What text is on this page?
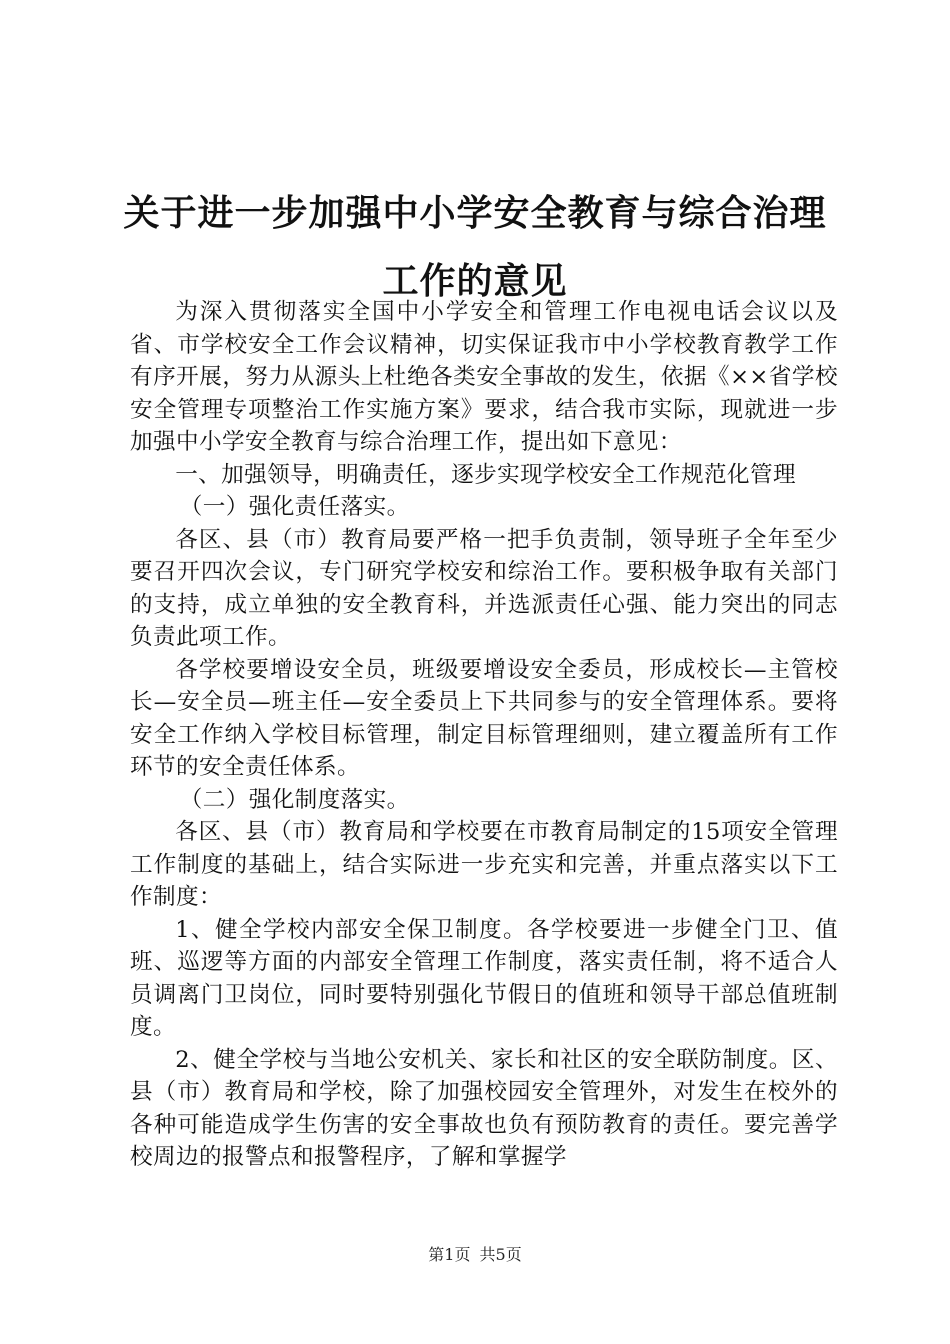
关于进一步加强中小学安全教育与综合治理工作的意见

为深入贯彻落实全国中小学安全和管理工作电视电话会议以及省、市学校安全工作会议精神，切实保证我市中小学校教育教学工作有序开展，努力从源头上杜绝各类安全事故的发生，依据《××省学校安全管理专项整治工作实施方案》要求，结合我市实际，现就进一步加强中小学安全教育与综合治理工作，提出如下意见：

一、加强领导，明确责任，逐步实现学校安全工作规范化管理

（一）强化责任落实。

各区、县（市）教育局要严格一把手负责制，领导班子全年至少要召开四次会议，专门研究学校安和综治工作。要积极争取有关部门的支持，成立单独的安全教育科，并选派责任心强、能力突出的同志负责此项工作。

各学校要增设安全员，班级要增设安全委员，形成校长—主管校长—安全员—班主任—安全委员上下共同参与的安全管理体系。要将安全工作纳入学校目标管理，制定目标管理细则，建立覆盖所有工作环节的安全责任体系。

（二）强化制度落实。

各区、县（市）教育局和学校要在市教育局制定的15项安全管理工作制度的基础上，结合实际进一步充实和完善，并重点落实以下工作制度：

1、健全学校内部安全保卫制度。各学校要进一步健全门卫、值班、巡逻等方面的内部安全管理工作制度，落实责任制，将不适合人员调离门卫岗位，同时要特别强化节假日的值班和领导干部总值班制度。

2、健全学校与当地公安机关、家长和社区的安全联防制度。区、县（市）教育局和学校，除了加强校园安全管理外，对发生在校外的各种可能造成学生伤害的安全事故也负有预防教育的责任。要完善学校周边的报警点和报警程序，了解和掌握学

第1页 共5页
